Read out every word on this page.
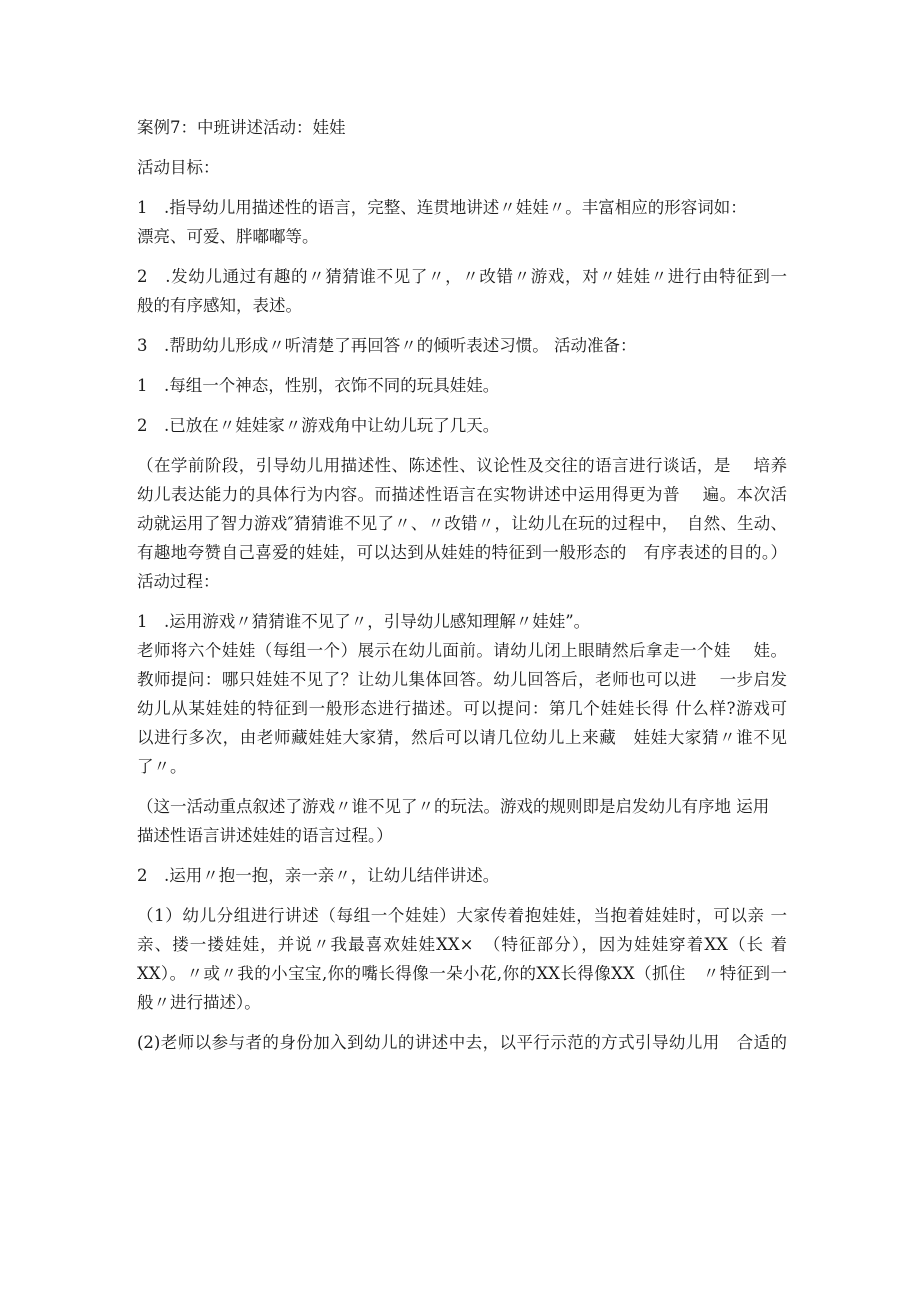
案例7：中班讲述活动：娃娃
活动目标：
1　.指导幼儿用描述性的语言，完整、连贯地讲述〃娃娃〃。丰富相应的形容词如：
漂亮、可爱、胖嘟嘟等。
2　.发幼儿通过有趣的〃猜猜谁不见了〃，〃改错〃游戏，对〃娃娃〃进行由特征到一
般的有序感知，表述。
3　.帮助幼儿形成〃听清楚了再回答〃的倾听表述习惯。 活动准备：
1　.每组一个神态，性别，衣饰不同的玩具娃娃。
2　.已放在〃娃娃家〃游戏角中让幼儿玩了几天。
（在学前阶段，引导幼儿用描述性、陈述性、议论性及交往的语言进行谈话，是　 培养
幼儿表达能力的具体行为内容。而描述性语言在实物讲述中运用得更为普　 遍。本次活
动就运用了智力游戏″猜猜谁不见了〃、〃改错〃，让幼儿在玩的过程中，　自然、生动、
有趣地夸赞自己喜爱的娃娃，可以达到从娃娃的特征到一般形态的　有序表述的目的。）
活动过程：
1　.运用游戏〃猜猜谁不见了〃，引导幼儿感知理解〃娃娃”。
老师将六个娃娃（每组一个）展示在幼儿面前。请幼儿闭上眼睛然后拿走一个娃　 娃。
教师提问：哪只娃娃不见了？让幼儿集体回答。幼儿回答后，老师也可以进　 一步启发
幼儿从某娃娃的特征到一般形态进行描述。可以提问：第几个娃娃长得 什么样?游戏可
以进行多次，由老师藏娃娃大家猜，然后可以请几位幼儿上来藏　娃娃大家猜〃谁不见
了〃。
（这一活动重点叙述了游戏〃谁不见了〃的玩法。游戏的规则即是启发幼儿有序地 运用
描述性语言讲述娃娃的语言过程。）
2　.运用〃抱一抱，亲一亲〃，让幼儿结伴讲述。
（1）幼儿分组进行讲述（每组一个娃娃）大家传着抱娃娃，当抱着娃娃时，可以亲 一
亲、搂一搂娃娃，并说〃我最喜欢娃娃XX×　（特征部分），因为娃娃穿着XX（长 着
XX）。〃或〃我的小宝宝,你的嘴长得像一朵小花,你的XX长得像XX（抓住　〃特征到一
般〃进行描述）。
(2)老师以参与者的身份加入到幼儿的讲述中去，以平行示范的方式引导幼儿用　合适的
